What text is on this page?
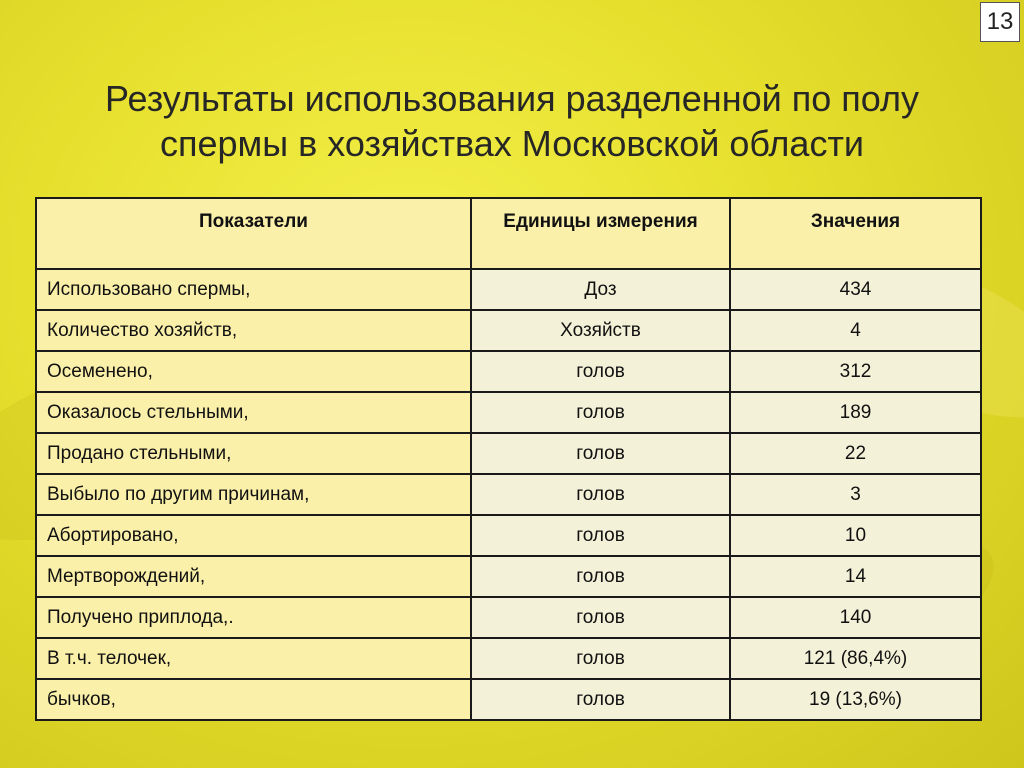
13
Результаты использования разделенной по полу
спермы в хозяйствах Московской области
Показатели	Единицы измерения	Значения
Использовано спермы,	Доз	434
Количество хозяйств,	Хозяйств	4
Осеменено,	голов	312
Оказалось стельными,	голов	189
Продано стельными,	голов	22
Выбыло по другим причинам,	голов	3
Абортировано,	голов	10
Мертворождений,	голов	14
Получено приплода,.	голов	140
В т.ч. телочек,	голов	121 (86,4%)
бычков,	голов	19 (13,6%)
